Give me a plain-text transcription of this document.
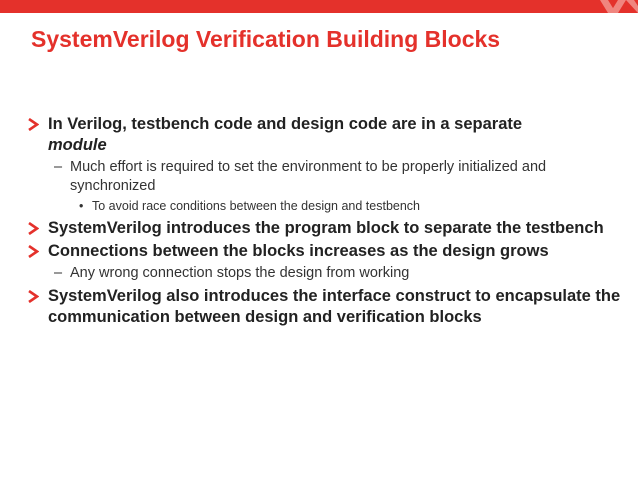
SystemVerilog Verification Building Blocks
In Verilog, testbench code and design code are in a separate
module
– Much effort is required to set the environment to be properly initialized and synchronized
• To avoid race conditions between the design and testbench
SystemVerilog introduces the program block to separate the testbench
Connections between the blocks increases as the design grows
– Any wrong connection stops the design from working
SystemVerilog also introduces the interface construct to encapsulate the communication between design and verification blocks
